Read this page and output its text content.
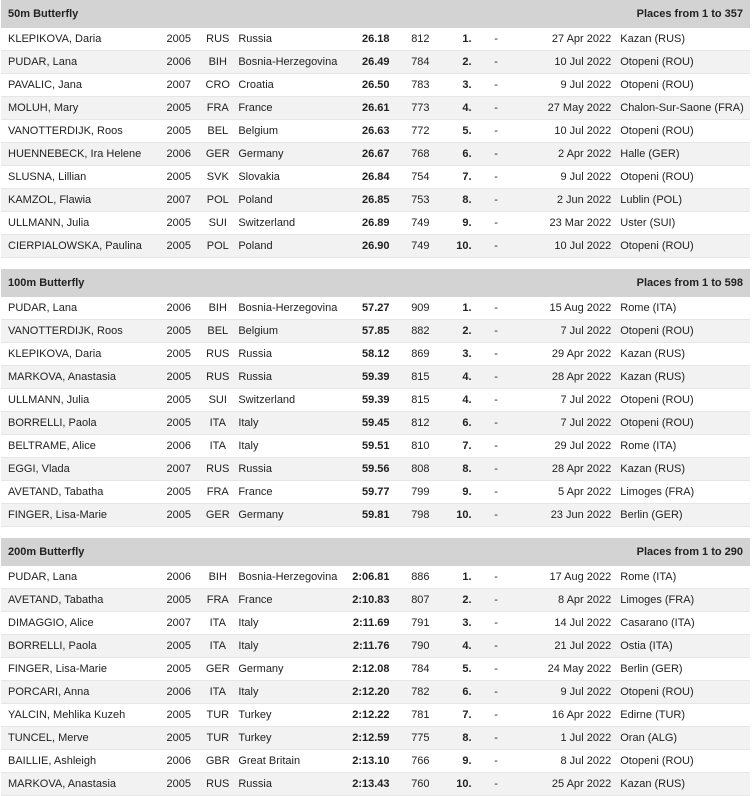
50m Butterfly	Places from 1 to 357
KLEPIKOVA, Daria	2005	RUS Russia	26.18	812	1.	-	27 Apr 2022 Kazan (RUS)
PUDAR, Lana	2006	BIH	Bosnia-Herzegovina	26.49	784	2.	-	10 Jul 2022 Otopeni (ROU)
PAVALIC, Jana	2007	CRO Croatia	26.50	783	3.	-	9 Jul 2022 Otopeni (ROU)
MOLUH, Mary	2005	FRA France	26.61	773	4.	-	27 May 2022 Chalon-Sur-Saone (FRA)
VANOTTERDIJK, Roos	2005	BEL Belgium	26.63	772	5.	-	10 Jul 2022 Otopeni (ROU)
HUENNEBECK, Ira Helene	2006	GER Germany	26.67	768	6.	-	2 Apr 2022 Halle (GER)
SLUSNA, Lillian	2005	SVK Slovakia	26.84	754	7.	-	9 Jul 2022 Otopeni (ROU)
KAMZOL, Flawia	2007	POL Poland	26.85	753	8.	-	2 Jun 2022 Lublin (POL)
ULLMANN, Julia	2005	SUI	Switzerland	26.89	749	9.	-	23 Mar 2022 Uster (SUI)
CIERPIALOWSKA, Paulina	2005	POL Poland	26.90	749	10.	-	10 Jul 2022 Otopeni (ROU)
100m Butterfly	Places from 1 to 598
PUDAR, Lana	2006	BIH	Bosnia-Herzegovina	57.27	909	1.	-	15 Aug 2022 Rome (ITA)
VANOTTERDIJK, Roos	2005	BEL Belgium	57.85	882	2.	-	7 Jul 2022 Otopeni (ROU)
KLEPIKOVA, Daria	2005	RUS Russia	58.12	869	3.	-	29 Apr 2022 Kazan (RUS)
MARKOVA, Anastasia	2005	RUS Russia	59.39	815	4.	-	28 Apr 2022 Kazan (RUS)
ULLMANN, Julia	2005	SUI	Switzerland	59.39	815	4.	-	7 Jul 2022 Otopeni (ROU)
BORRELLI, Paola	2005	ITA	Italy	59.45	812	6.	-	7 Jul 2022 Otopeni (ROU)
BELTRAME, Alice	2006	ITA	Italy	59.51	810	7.	-	29 Jul 2022 Rome (ITA)
EGGI, Vlada	2007	RUS Russia	59.56	808	8.	-	28 Apr 2022 Kazan (RUS)
AVETAND, Tabatha	2005	FRA France	59.77	799	9.	-	5 Apr 2022 Limoges (FRA)
FINGER, Lisa-Marie	2005	GER Germany	59.81	798	10.	-	23 Jun 2022 Berlin (GER)
200m Butterfly	Places from 1 to 290
PUDAR, Lana	2006	BIH	Bosnia-Herzegovina	2:06.81	886	1.	-	17 Aug 2022 Rome (ITA)
AVETAND, Tabatha	2005	FRA France	2:10.83	807	2.	-	8 Apr 2022 Limoges (FRA)
DIMAGGIO, Alice	2007	ITA	Italy	2:11.69	791	3.	-	14 Jul 2022 Casarano (ITA)
BORRELLI, Paola	2005	ITA	Italy	2:11.76	790	4.	-	21 Jul 2022 Ostia (ITA)
FINGER, Lisa-Marie	2005	GER Germany	2:12.08	784	5.	-	24 May 2022 Berlin (GER)
PORCARI, Anna	2006	ITA	Italy	2:12.20	782	6.	-	9 Jul 2022 Otopeni (ROU)
YALCIN, Mehlika Kuzeh	2005	TUR Turkey	2:12.22	781	7.	-	16 Apr 2022 Edirne (TUR)
TUNCEL, Merve	2005	TUR Turkey	2:12.59	775	8.	-	1 Jul 2022 Oran (ALG)
BAILLIE, Ashleigh	2006	GBR Great Britain	2:13.10	766	9.	-	8 Jul 2022 Otopeni (ROU)
MARKOVA, Anastasia	2005	RUS Russia	2:13.43	760	10.	-	25 Apr 2022 Kazan (RUS)
